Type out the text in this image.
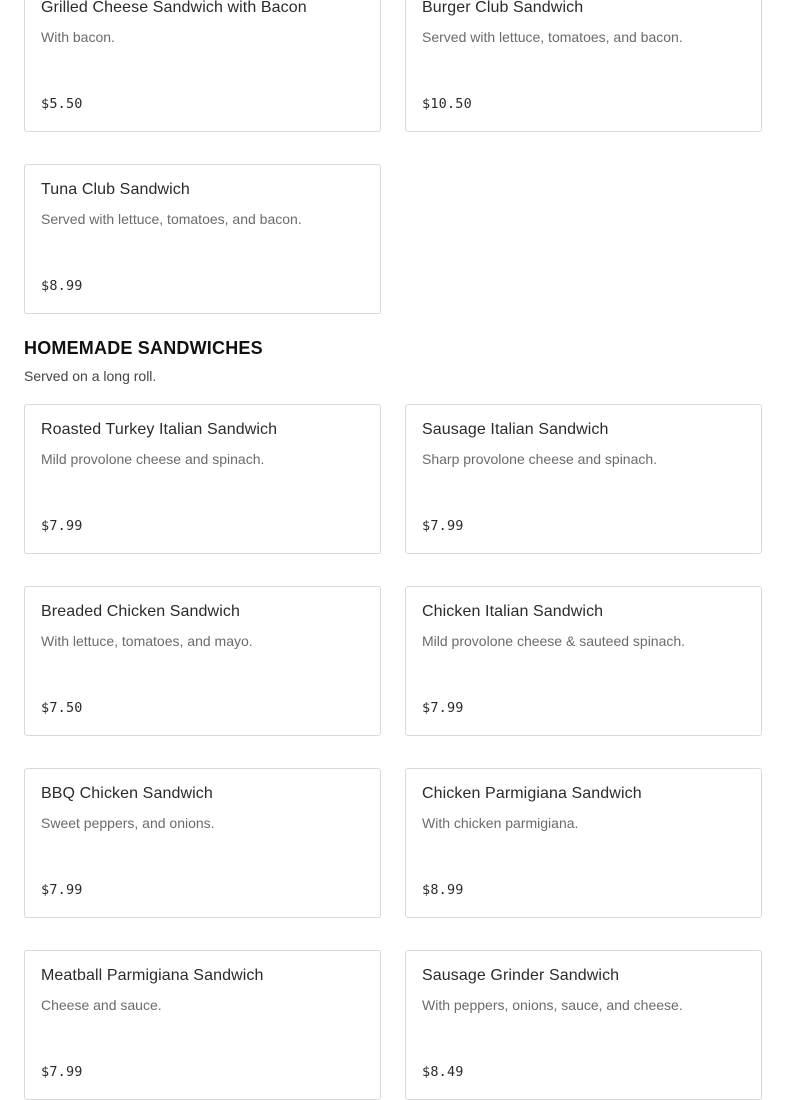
Grilled Cheese Sandwich with Bacon
With bacon.
$5.50
Burger Club Sandwich
Served with lettuce, tomatoes, and bacon.
$10.50
Tuna Club Sandwich
Served with lettuce, tomatoes, and bacon.
$8.99
HOMEMADE SANDWICHES
Served on a long roll.
Roasted Turkey Italian Sandwich
Mild provolone cheese and spinach.
$7.99
Sausage Italian Sandwich
Sharp provolone cheese and spinach.
$7.99
Breaded Chicken Sandwich
With lettuce, tomatoes, and mayo.
$7.50
Chicken Italian Sandwich
Mild provolone cheese & sauteed spinach.
$7.99
BBQ Chicken Sandwich
Sweet peppers, and onions.
$7.99
Chicken Parmigiana Sandwich
With chicken parmigiana.
$8.99
Meatball Parmigiana Sandwich
Cheese and sauce.
$7.99
Sausage Grinder Sandwich
With peppers, onions, sauce, and cheese.
$8.49
